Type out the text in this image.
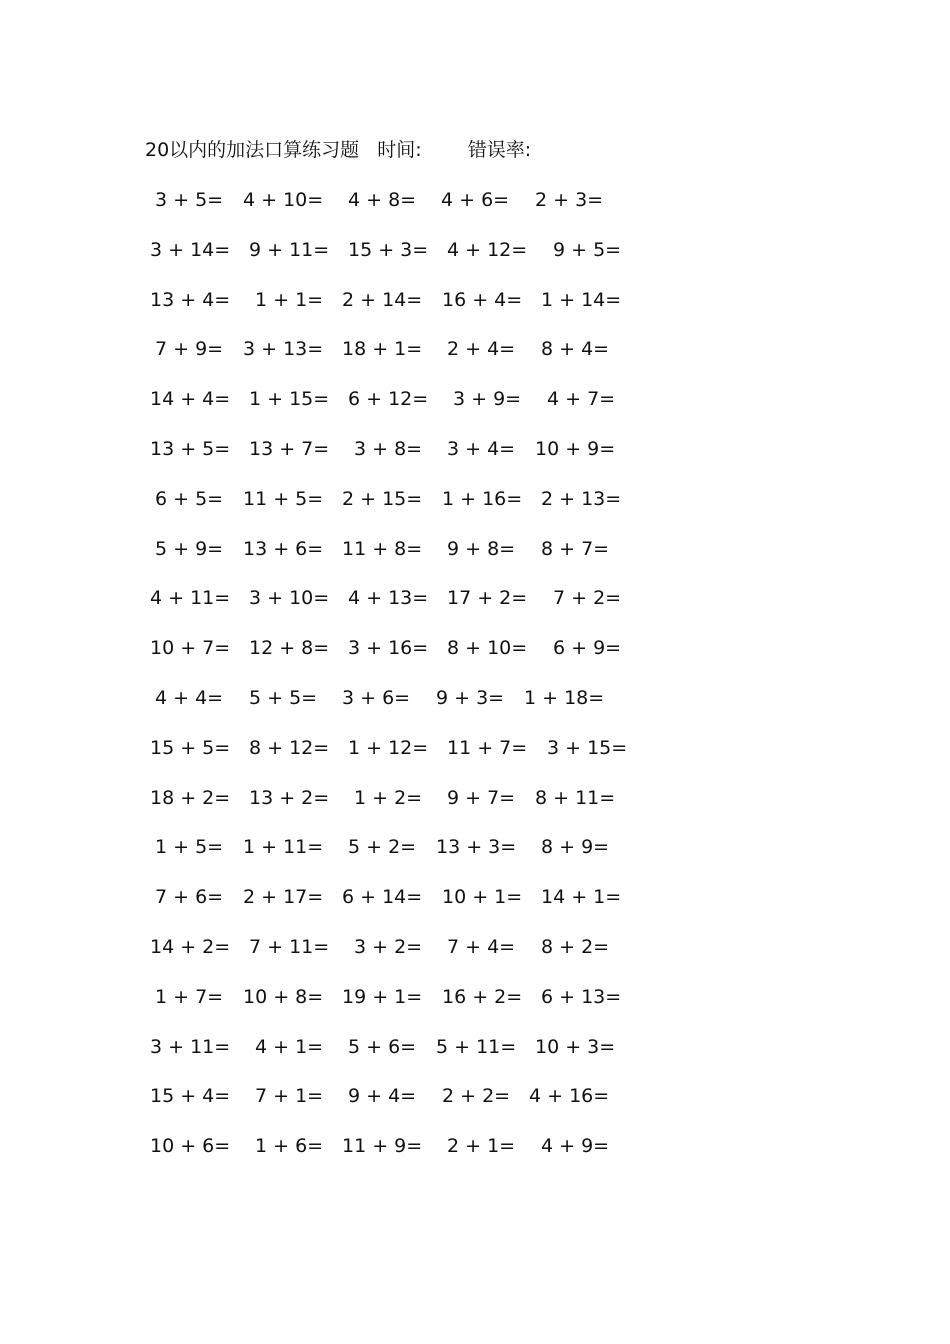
20以内的加法口算练习题 时间: 错误率:
3 + 5= 4 + 10= 4 + 8= 4 + 6= 2 + 3=
3 + 14= 9 + 11= 15 + 3= 4 + 12= 9 + 5=
13 + 4= 1 + 1= 2 + 14= 16 + 4= 1 + 14=
7 + 9= 3 + 13= 18 + 1= 2 + 4= 8 + 4=
14 + 4= 1 + 15= 6 + 12= 3 + 9= 4 + 7=
13 + 5= 13 + 7= 3 + 8= 3 + 4= 10 + 9=
6 + 5= 11 + 5= 2 + 15= 1 + 16= 2 + 13=
5 + 9= 13 + 6= 11 + 8= 9 + 8= 8 + 7=
4 + 11= 3 + 10= 4 + 13= 17 + 2= 7 + 2=
10 + 7= 12 + 8= 3 + 16= 8 + 10= 6 + 9=
4 + 4= 5 + 5= 3 + 6= 9 + 3= 1 + 18=
15 + 5= 8 + 12= 1 + 12= 11 + 7= 3 + 15=
18 + 2= 13 + 2= 1 + 2= 9 + 7= 8 + 11=
1 + 5= 1 + 11= 5 + 2= 13 + 3= 8 + 9=
7 + 6= 2 + 17= 6 + 14= 10 + 1= 14 + 1=
14 + 2= 7 + 11= 3 + 2= 7 + 4= 8 + 2=
1 + 7= 10 + 8= 19 + 1= 16 + 2= 6 + 13=
3 + 11= 4 + 1= 5 + 6= 5 + 11= 10 + 3=
15 + 4= 7 + 1= 9 + 4= 2 + 2= 4 + 16=
10 + 6= 1 + 6= 11 + 9= 2 + 1= 4 + 9=
